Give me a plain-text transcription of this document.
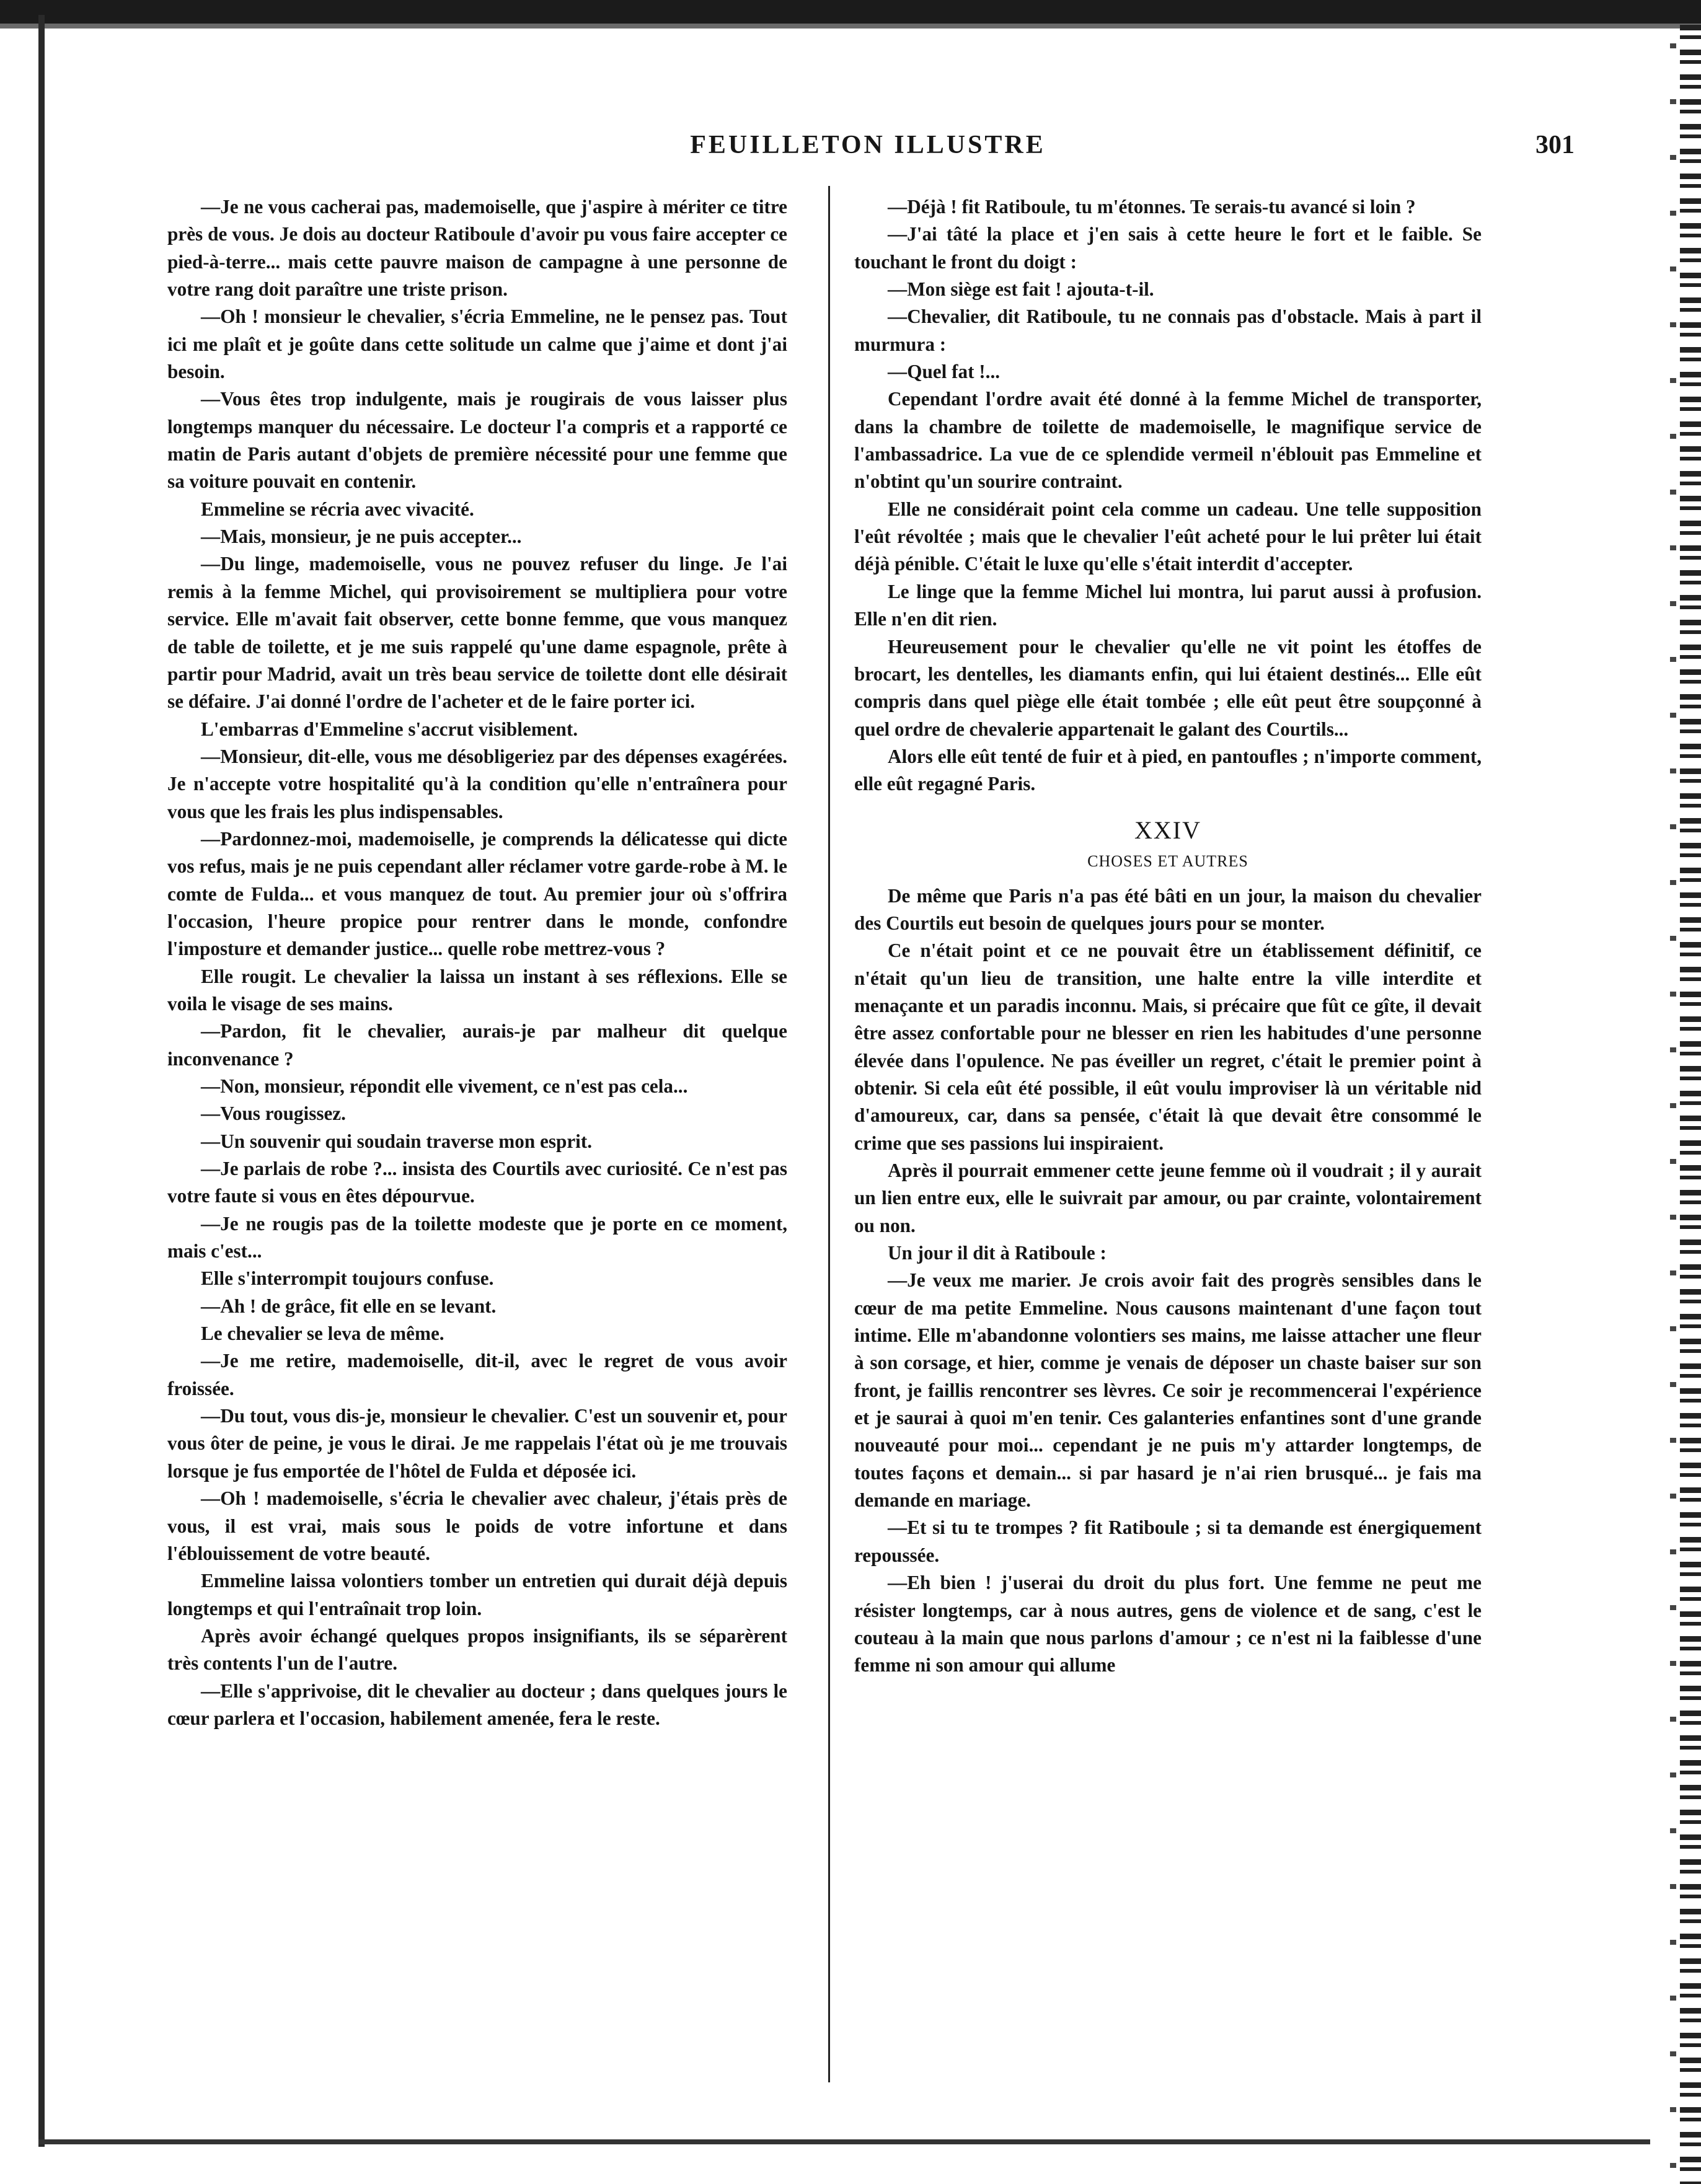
FEUILLETON ILLUSTRE	301

—Je ne vous cacherai pas, mademoiselle, que j'aspire à mériter ce titre près de vous. Je dois au docteur Ratiboule d'avoir pu vous faire accepter ce pied-à-terre... mais cette pauvre maison de campagne à une personne de votre rang doit paraître une triste prison.

—Oh ! monsieur le chevalier, s'écria Emmeline, ne le pensez pas. Tout ici me plaît et je goûte dans cette solitude un calme que j'aime et dont j'ai besoin.

—Vous êtes trop indulgente, mais je rougirais de vous laisser plus longtemps manquer du nécessaire. Le docteur l'a compris et a rapporté ce matin de Paris autant d'objets de première nécessité pour une femme que sa voiture pouvait en contenir.

Emmeline se récria avec vivacité.

—Mais, monsieur, je ne puis accepter...

—Du linge, mademoiselle, vous ne pouvez refuser du linge. Je l'ai remis à la femme Michel, qui provisoirement se multipliera pour votre service. Elle m'avait fait observer, cette bonne femme, que vous manquez de table de toilette, et je me suis rappelé qu'une dame espagnole, prête à partir pour Madrid, avait un très beau service de toilette dont elle désirait se défaire. J'ai donné l'ordre de l'acheter et de le faire porter ici.

L'embarras d'Emmeline s'accrut visiblement.

—Monsieur, dit-elle, vous me désobligeriez par des dépenses exagérées. Je n'accepte votre hospitalité qu'à la condition qu'elle n'entraînera pour vous que les frais les plus indispensables.

—Pardonnez-moi, mademoiselle, je comprends la délicatesse qui dicte vos refus, mais je ne puis cependant aller réclamer votre garde-robe à M. le comte de Fulda... et vous manquez de tout. Au premier jour où s'offrira l'occasion, l'heure propice pour rentrer dans le monde, confondre l'imposture et demander justice... quelle robe mettrez-vous ?

Elle rougit. Le chevalier la laissa un instant à ses réflexions. Elle se voila le visage de ses mains.

—Pardon, fit le chevalier, aurais-je par malheur dit quelque inconvenance ?

—Non, monsieur, répondit elle vivement, ce n'est pas cela...

—Vous rougissez.

—Un souvenir qui soudain traverse mon esprit.

—Je parlais de robe ?... insista des Courtils avec curiosité. Ce n'est pas votre faute si vous en êtes dépourvue.

—Je ne rougis pas de la toilette modeste que je porte en ce moment, mais c'est...

Elle s'interrompit toujours confuse.

—Ah ! de grâce, fit elle en se levant.

Le chevalier se leva de même.

—Je me retire, mademoiselle, dit-il, avec le regret de vous avoir froissée.

—Du tout, vous dis-je, monsieur le chevalier. C'est un souvenir et, pour vous ôter de peine, je vous le dirai. Je me rappelais l'état où je me trouvais lorsque je fus emportée de l'hôtel de Fulda et déposée ici.

—Oh ! mademoiselle, s'écria le chevalier avec chaleur, j'étais près de vous, il est vrai, mais sous le poids de votre infortune et dans l'éblouissement de votre beauté.

Emmeline laissa volontiers tomber un entretien qui durait déjà depuis longtemps et qui l'entraînait trop loin.

Après avoir échangé quelques propos insignifiants, ils se séparèrent très contents l'un de l'autre.

—Elle s'apprivoise, dit le chevalier au docteur ; dans quelques jours le cœur parlera et l'occasion, habilement amenée, fera le reste.

—Déjà ! fit Ratiboule, tu m'étonnes. Te serais-tu avancé si loin ?

—J'ai tâté la place et j'en sais à cette heure le fort et le faible. Se touchant le front du doigt :

—Mon siège est fait ! ajouta-t-il.

—Chevalier, dit Ratiboule, tu ne connais pas d'obstacle. Mais à part il murmura :

—Quel fat !...

Cependant l'ordre avait été donné à la femme Michel de transporter, dans la chambre de toilette de mademoiselle, le magnifique service de l'ambassadrice. La vue de ce splendide vermeil n'éblouit pas Emmeline et n'obtint qu'un sourire contraint.

Elle ne considérait point cela comme un cadeau. Une telle supposition l'eût révoltée ; mais que le chevalier l'eût acheté pour le lui prêter lui était déjà pénible. C'était le luxe qu'elle s'était interdit d'accepter.

Le linge que la femme Michel lui montra, lui parut aussi à profusion. Elle n'en dit rien.

Heureusement pour le chevalier qu'elle ne vit point les étoffes de brocart, les dentelles, les diamants enfin, qui lui étaient destinés... Elle eût compris dans quel piège elle était tombée ; elle eût peut être soupçonné à quel ordre de chevalerie appartenait le galant des Courtils...

Alors elle eût tenté de fuir et à pied, en pantoufles ; n'importe comment, elle eût regagné Paris.

XXIV

CHOSES ET AUTRES

De même que Paris n'a pas été bâti en un jour, la maison du chevalier des Courtils eut besoin de quelques jours pour se monter.

Ce n'était point et ce ne pouvait être un établissement définitif, ce n'était qu'un lieu de transition, une halte entre la ville interdite et menaçante et un paradis inconnu. Mais, si précaire que fût ce gîte, il devait être assez confortable pour ne blesser en rien les habitudes d'une personne élevée dans l'opulence. Ne pas éveiller un regret, c'était le premier point à obtenir. Si cela eût été possible, il eût voulu improviser là un véritable nid d'amoureux, car, dans sa pensée, c'était là que devait être consommé le crime que ses passions lui inspiraient.

Après il pourrait emmener cette jeune femme où il voudrait ; il y aurait un lien entre eux, elle le suivrait par amour, ou par crainte, volontairement ou non.

Un jour il dit à Ratiboule :

—Je veux me marier. Je crois avoir fait des progrès sensibles dans le cœur de ma petite Emmeline. Nous causons maintenant d'une façon tout intime. Elle m'abandonne volontiers ses mains, me laisse attacher une fleur à son corsage, et hier, comme je venais de déposer un chaste baiser sur son front, je faillis rencontrer ses lèvres. Ce soir je recommencerai l'expérience et je saurai à quoi m'en tenir. Ces galanteries enfantines sont d'une grande nouveauté pour moi... cependant je ne puis m'y attarder longtemps, de toutes façons et demain... si par hasard je n'ai rien brusqué... je fais ma demande en mariage.

—Et si tu te trompes ? fit Ratiboule ; si ta demande est énergiquement repoussée.

—Eh bien ! j'userai du droit du plus fort. Une femme ne peut me résister longtemps, car à nous autres, gens de violence et de sang, c'est le couteau à la main que nous parlons d'amour ; ce n'est ni la faiblesse d'une femme ni son amour qui allume
